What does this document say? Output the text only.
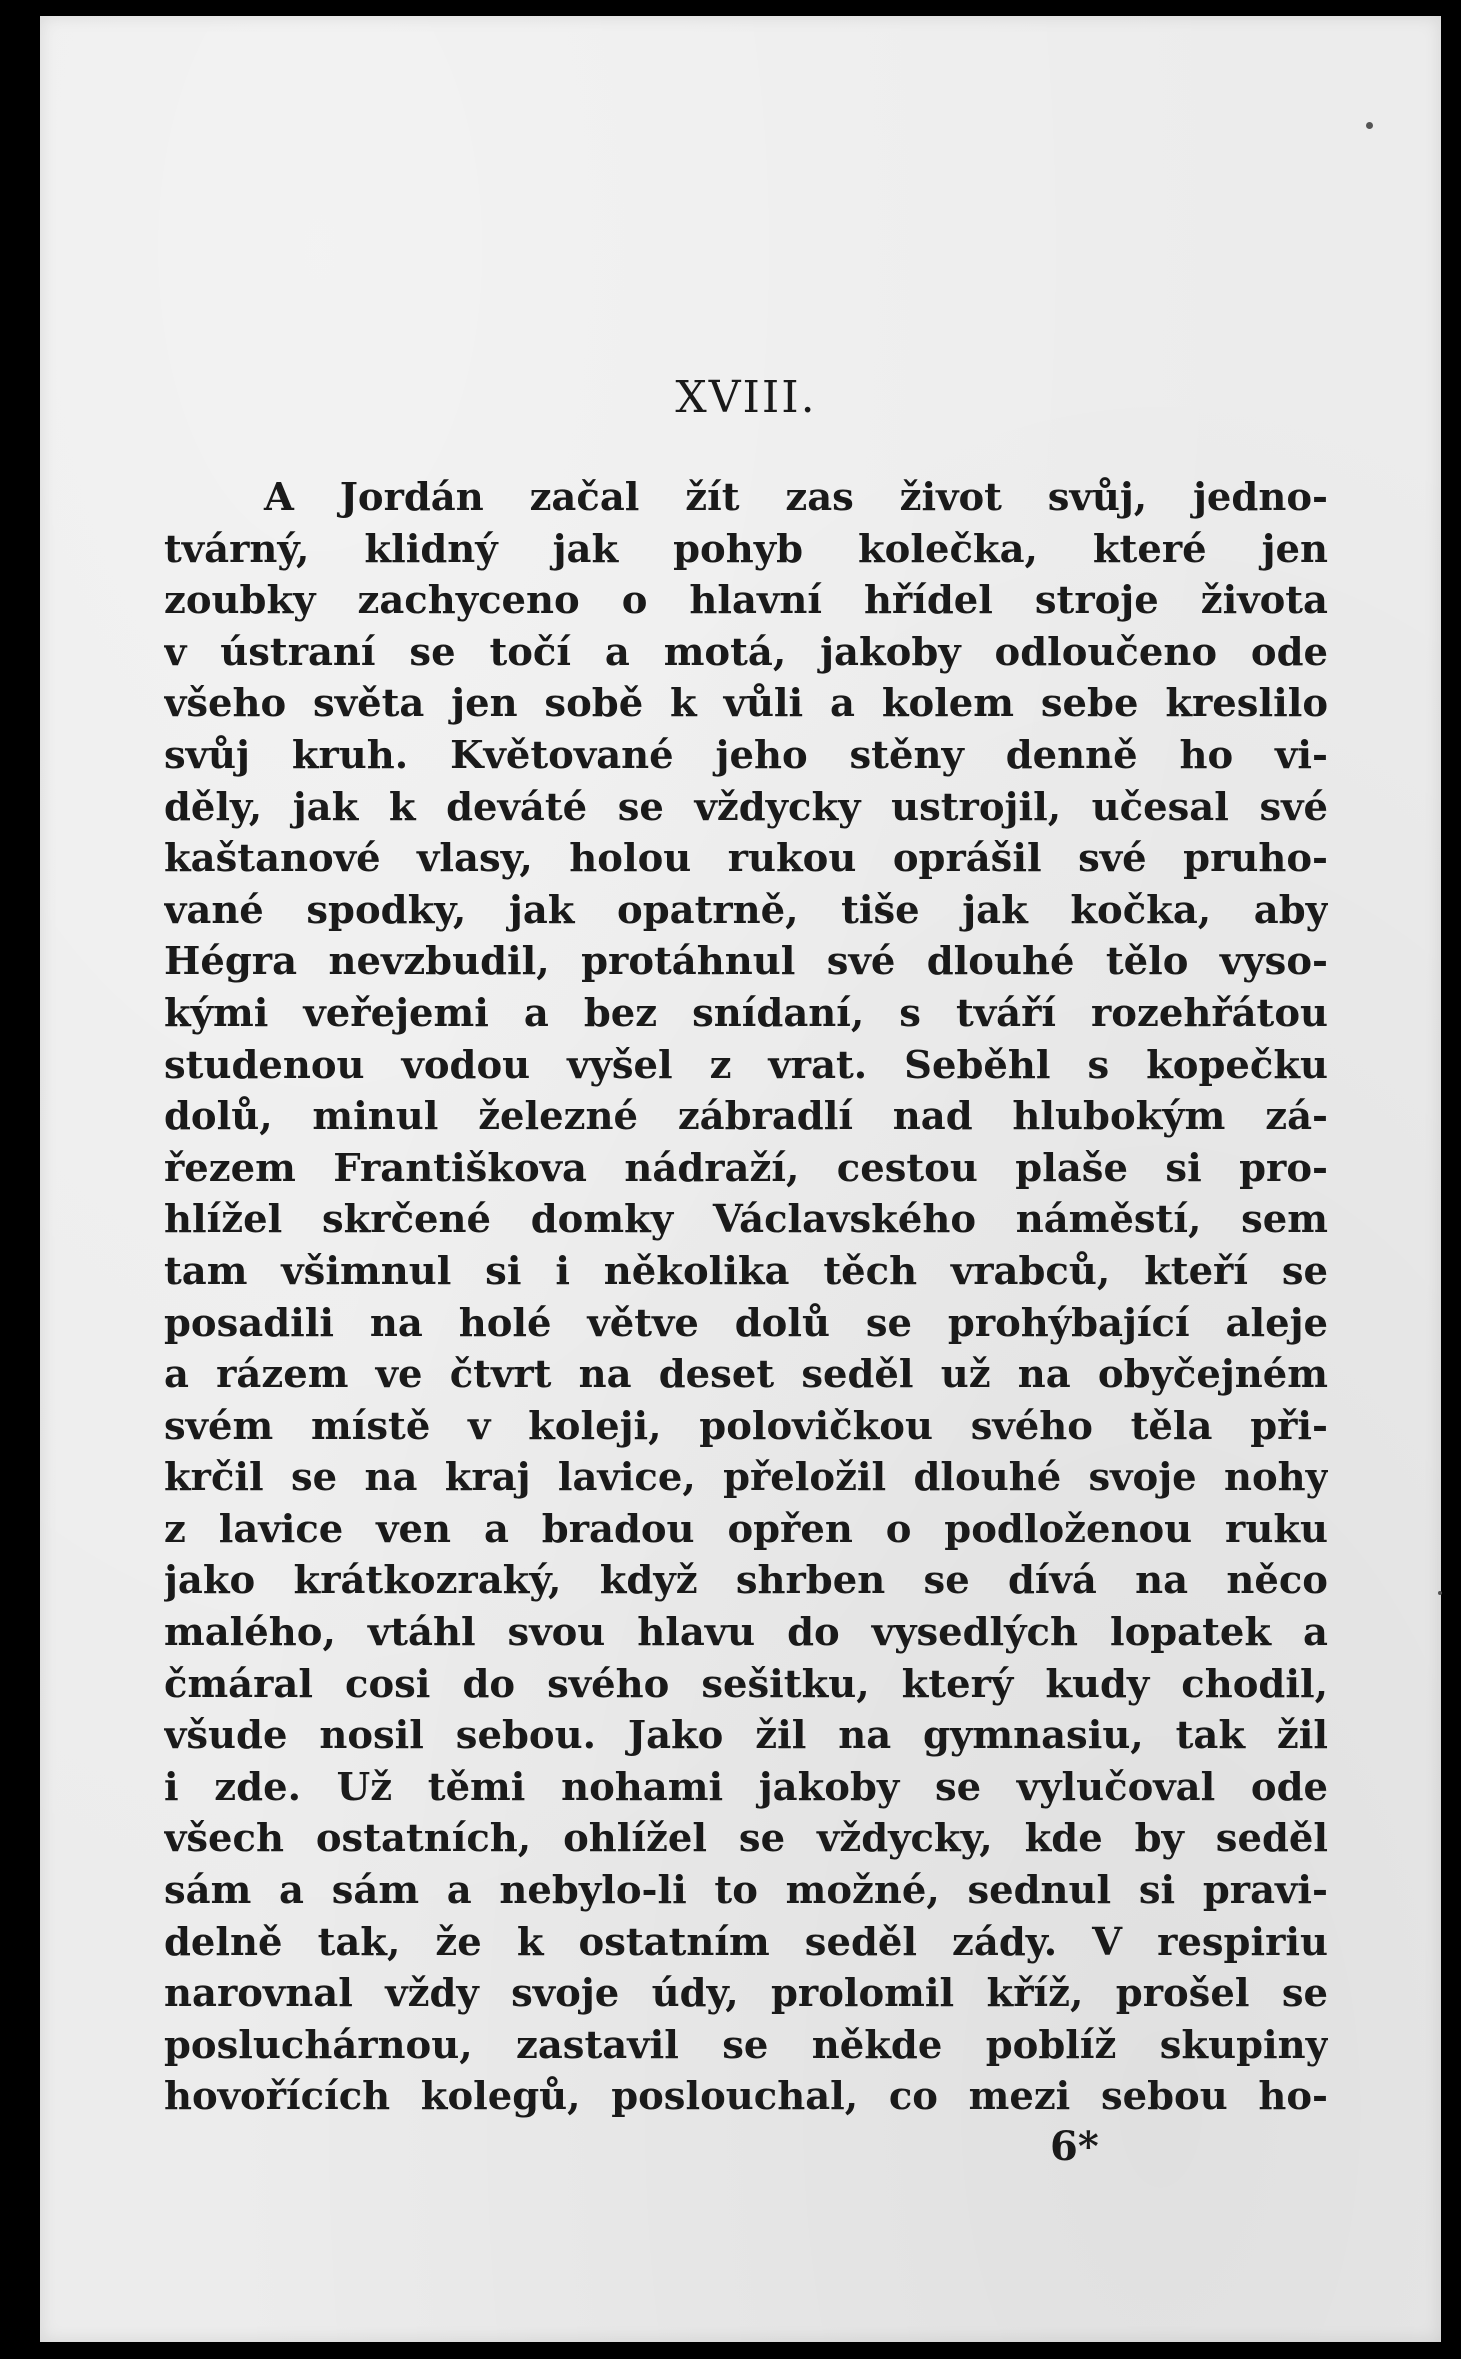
XVIII.
A Jordán začal žít zas život svůj, jedno-
tvárný, klidný jak pohyb kolečka, které jen
zoubky zachyceno o hlavní hřídel stroje života
v ústraní se točí a motá, jakoby odloučeno ode
všeho světa jen sobě k vůli a kolem sebe kreslilo
svůj kruh. Květované jeho stěny denně ho vi-
děly, jak k deváté se vždycky ustrojil, učesal své
kaštanové vlasy, holou rukou oprášil své pruho-
vané spodky, jak opatrně, tiše jak kočka, aby
Hégra nevzbudil, protáhnul své dlouhé tělo vyso-
kými veřejemi a bez snídaní, s tváří rozehřátou
studenou vodou vyšel z vrat. Seběhl s kopečku
dolů, minul železné zábradlí nad hlubokým zá-
řezem Františkova nádraží, cestou plaše si pro-
hlížel skrčené domky Václavského náměstí, sem
tam všimnul si i několika těch vrabců, kteří se
posadili na holé větve dolů se prohýbající aleje
a rázem ve čtvrt na deset seděl už na obyčejném
svém místě v koleji, polovičkou svého těla při-
krčil se na kraj lavice, přeložil dlouhé svoje nohy
z lavice ven a bradou opřen o podloženou ruku
jako krátkozraký, když shrben se dívá na něco
malého, vtáhl svou hlavu do vysedlých lopatek a
čmáral cosi do svého sešitku, který kudy chodil,
všude nosil sebou. Jako žil na gymnasiu, tak žil
i zde. Už těmi nohami jakoby se vylučoval ode
všech ostatních, ohlížel se vždycky, kde by seděl
sám a sám a nebylo-li to možné, sednul si pravi-
delně tak, že k ostatním seděl zády. V respiriu
narovnal vždy svoje údy, prolomil kříž, prošel se
posluchárnou, zastavil se někde poblíž skupiny
hovořících kolegů, poslouchal, co mezi sebou ho-
6*
